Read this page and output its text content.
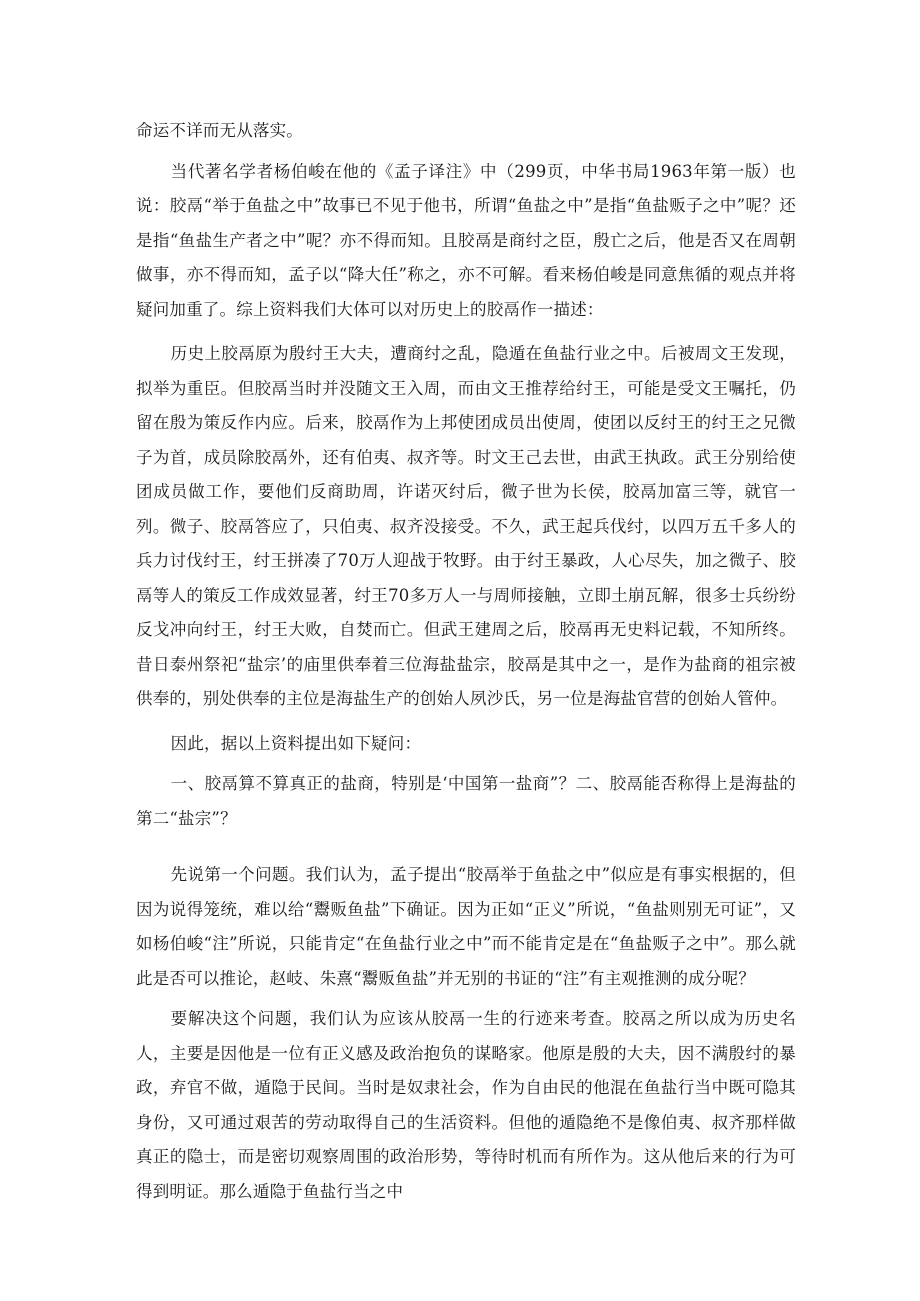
命运不详而无从落实。

当代著名学者杨伯峻在他的《孟子译注》中（299页，中华书局1963年第一版）也说：胶鬲“举于鱼盐之中”故事已不见于他书，所谓“鱼盐之中”是指“鱼盐贩子之中”呢？还是指“鱼盐生产者之中”呢？亦不得而知。且胶鬲是商纣之臣，殷亡之后，他是否又在周朝做事，亦不得而知，孟子以“降大任”称之，亦不可解。看来杨伯峻是同意焦循的观点并将疑问加重了。综上资料我们大体可以对历史上的胶鬲作一描述：

历史上胶鬲原为殷纣王大夫，遭商纣之乱，隐遁在鱼盐行业之中。后被周文王发现，拟举为重臣。但胶鬲当时并没随文王入周，而由文王推荐给纣王，可能是受文王嘱托，仍留在殷为策反作内应。后来，胶鬲作为上邦使团成员出使周，使团以反纣王的纣王之兄微子为首，成员除胶鬲外，还有伯夷、叔齐等。时文王己去世，由武王执政。武王分别给使团成员做工作，要他们反商助周，许诺灭纣后，微子世为长侯，胶鬲加富三等，就官一列。微子、胶鬲答应了，只伯夷、叔齐没接受。不久，武王起兵伐纣，以四万五千多人的兵力讨伐纣王，纣王拼凑了70万人迎战于牧野。由于纣王暴政，人心尽失，加之微子、胶鬲等人的策反工作成效显著，纣王70多万人一与周师接触，立即土崩瓦解，很多士兵纷纷反戈冲向纣王，纣王大败，自焚而亡。但武王建周之后，胶鬲再无史料记载，不知所终。昔日泰州祭祀“盐宗’的庙里供奉着三位海盐盐宗，胶鬲是其中之一，是作为盐商的祖宗被供奉的，别处供奉的主位是海盐生产的创始人夙沙氏，另一位是海盐官营的创始人管仲。

因此，据以上资料提出如下疑问：

一、胶鬲算不算真正的盐商，特别是‘中国第一盐商”？二、胶鬲能否称得上是海盐的第二“盐宗”？

先说第一个问题。我们认为，孟子提出“胶鬲举于鱼盐之中”似应是有事实根据的，但因为说得笼统，难以给“鬻贩鱼盐”下确证。因为正如“正义”所说，“鱼盐则别无可证”，又如杨伯峻“注”所说，只能肯定“在鱼盐行业之中”而不能肯定是在“鱼盐贩子之中”。那么就此是否可以推论，赵岐、朱熹“鬻贩鱼盐”并无别的书证的“注”有主观推测的成分呢？

要解决这个问题，我们认为应该从胶鬲一生的行迹来考查。胶鬲之所以成为历史名人，主要是因他是一位有正义感及政治抱负的谋略家。他原是殷的大夫，因不满殷纣的暴政，弃官不做，遁隐于民间。当时是奴隶社会，作为自由民的他混在鱼盐行当中既可隐其身份，又可通过艰苦的劳动取得自己的生活资料。但他的遁隐绝不是像伯夷、叔齐那样做真正的隐士，而是密切观察周围的政治形势，等待时机而有所作为。这从他后来的行为可得到明证。那么遁隐于鱼盐行当之中
